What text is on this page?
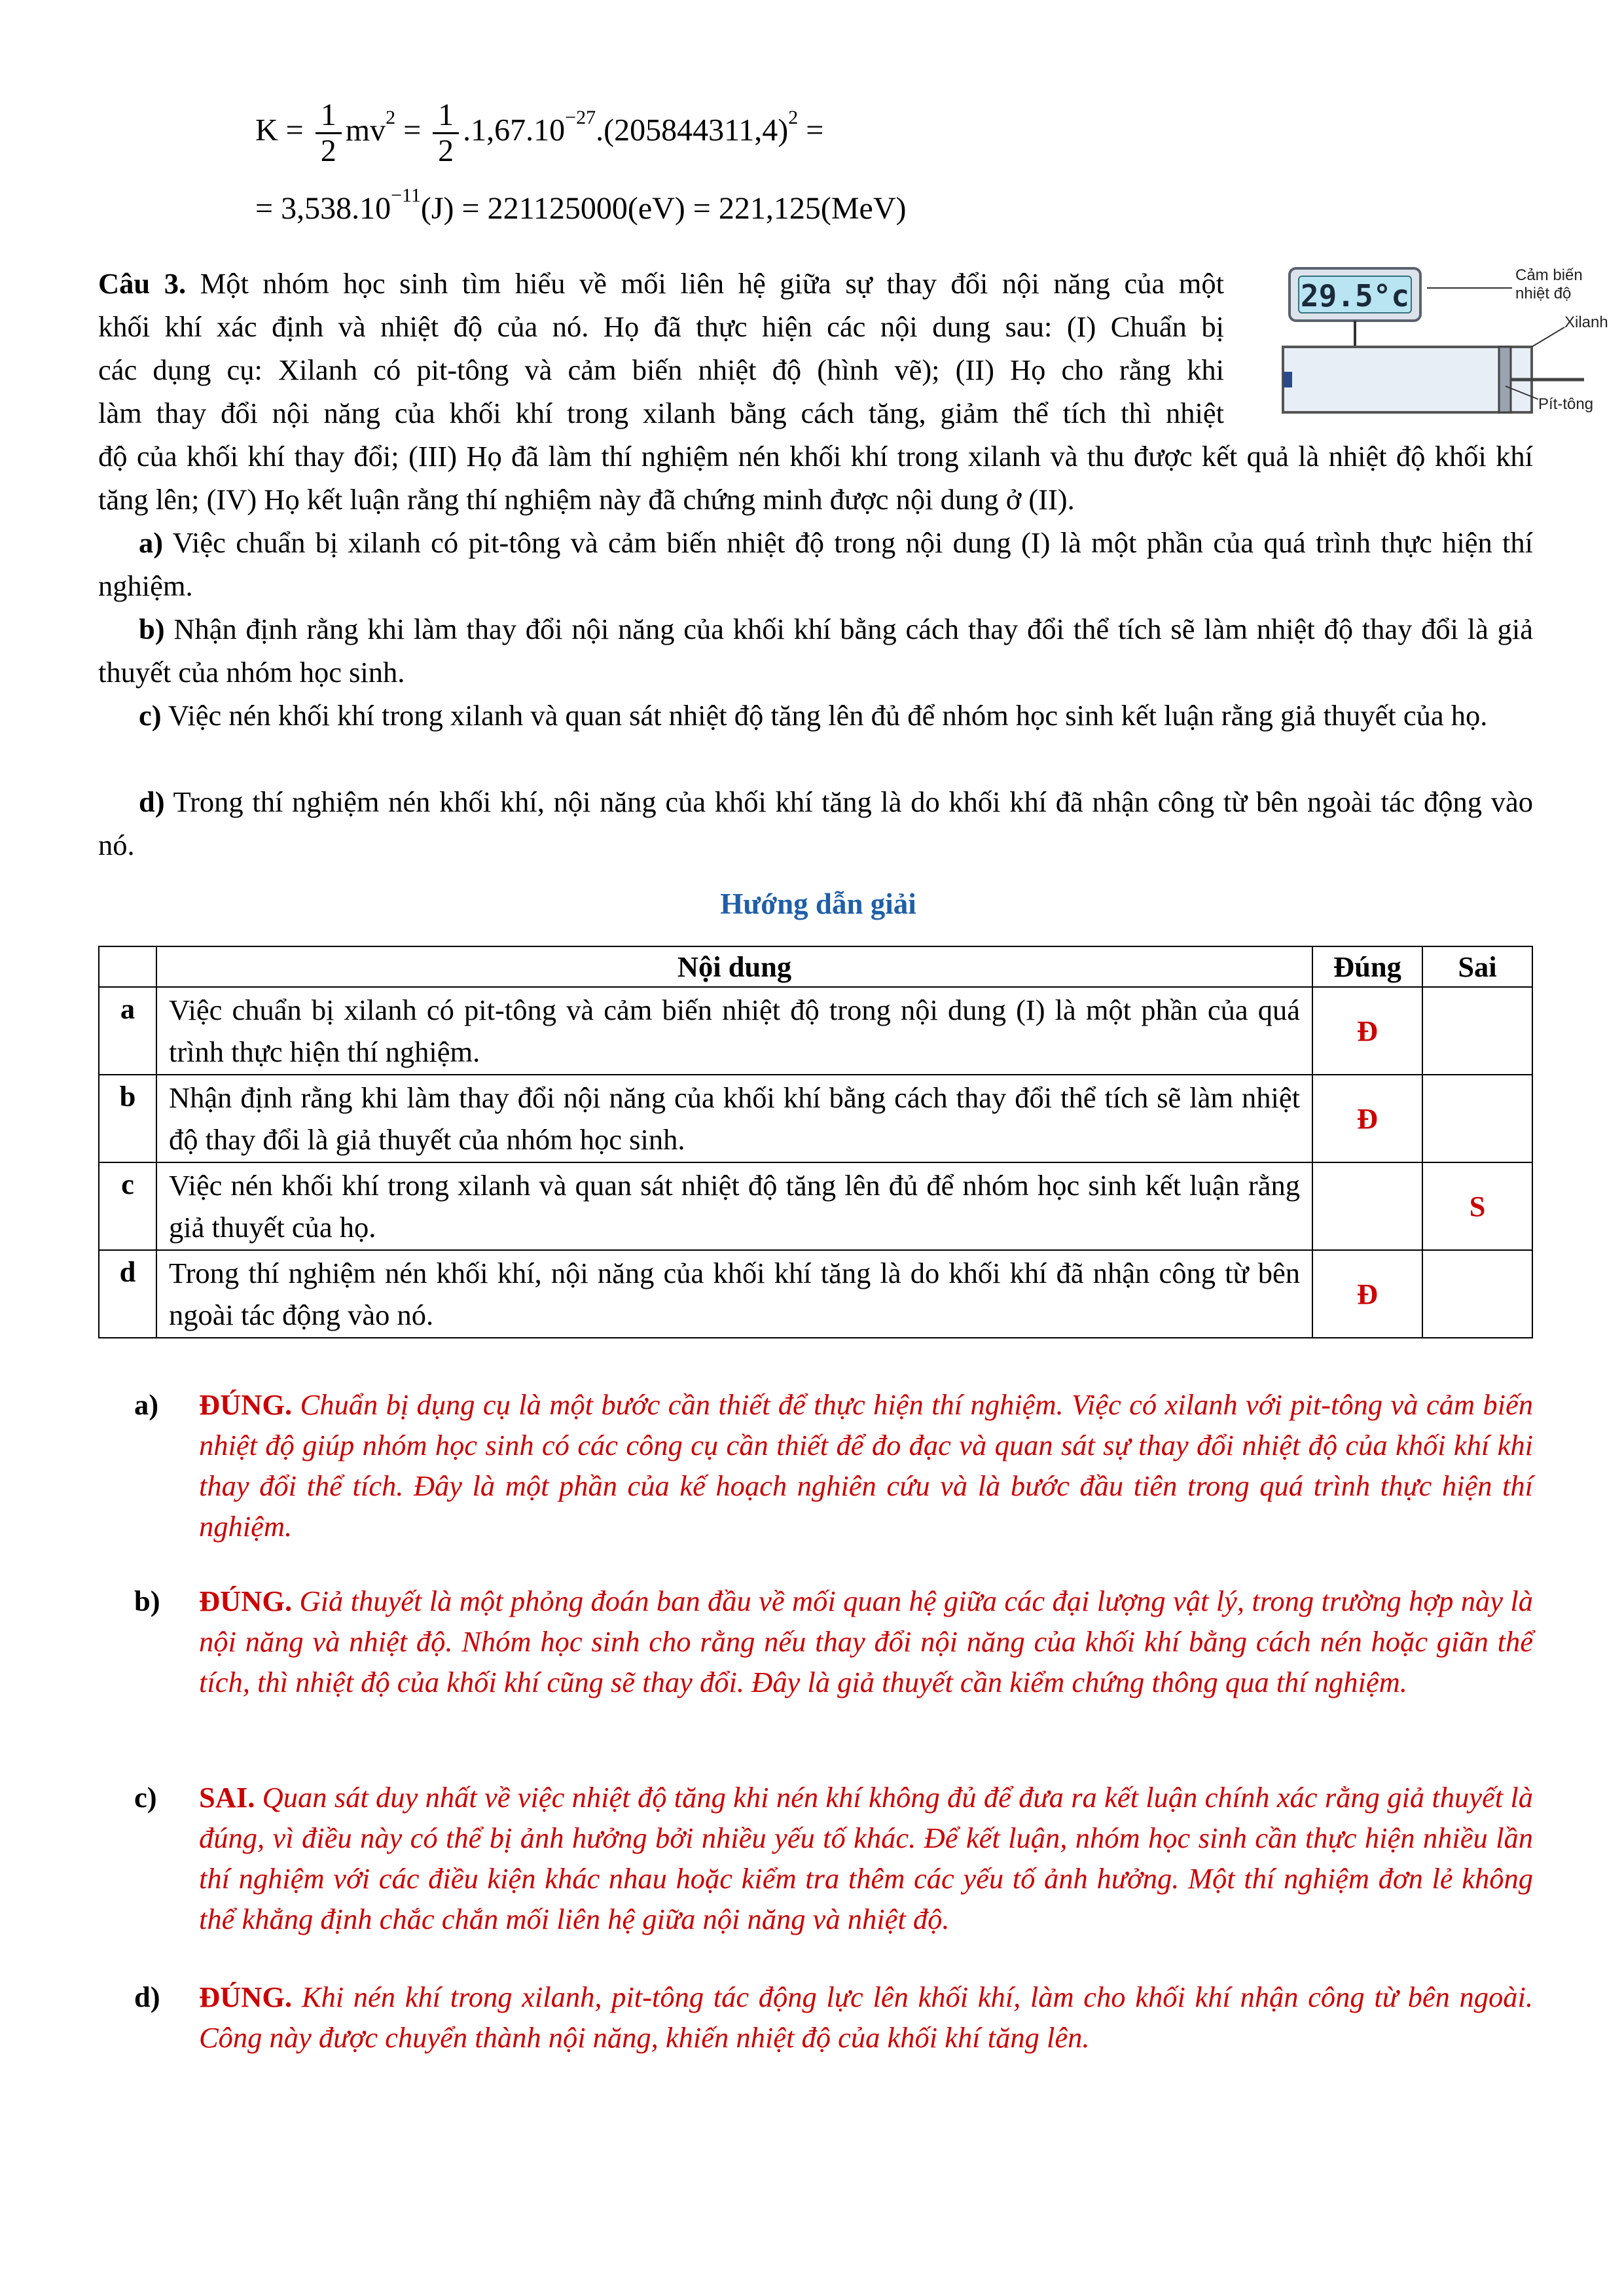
$K = \frac{1}{2} mv^2 = \frac{1}{2} .1,67.10^{-27}.(205844311,4)^2$ =
= $3,538.10^{-11}(J) = 221125000(eV) = 221,125(MeV)$
Câu 3. Một nhóm học sinh tìm hiểu về mối liên hệ giữa sự thay đổi nội năng của một
khối khí xác định và nhiệt độ của nó. Họ đã thực hiện các nội dung sau: (I) Chuẩn bị
các dụng cụ: Xilanh có pit-tông và cảm biến nhiệt độ (hình vẽ); (II) Họ cho rằng khi
làm thay đổi nội năng của khối khí trong xilanh bằng cách tăng, giảm thể tích thì nhiệt
độ của khối khí thay đổi; (III) Họ đã làm thí nghiệm nén khối khí trong xilanh và thu được kết quả là nhiệt độ khối khí tăng lên; (IV) Họ kết luận rằng thí nghiệm này đã chứng minh được nội dung ở (II).
29.5°c
Cảm biến
nhiệt độ
Xilanh
Pít-tông
a) Việc chuẩn bị xilanh có pit-tông và cảm biến nhiệt độ trong nội dung (I) là một phần của quá trình thực hiện thí nghiệm.
b) Nhận định rằng khi làm thay đổi nội năng của khối khí bằng cách thay đổi thể tích sẽ làm nhiệt độ thay đổi là giả thuyết của nhóm học sinh.
c) Việc nén khối khí trong xilanh và quan sát nhiệt độ tăng lên đủ để nhóm học sinh kết luận rằng giả thuyết của họ.
d) Trong thí nghiệm nén khối khí, nội năng của khối khí tăng là do khối khí đã nhận công từ bên ngoài tác động vào nó.
Hướng dẫn giải
	Nội dung	Đúng	Sai
a	Việc chuẩn bị xilanh có pit-tông và cảm biến nhiệt độ trong nội dung (I) là một phần của quá trình thực hiện thí nghiệm.	Đ	
b	Nhận định rằng khi làm thay đổi nội năng của khối khí bằng cách thay đổi thể tích sẽ làm nhiệt độ thay đổi là giả thuyết của nhóm học sinh.	Đ	
c	Việc nén khối khí trong xilanh và quan sát nhiệt độ tăng lên đủ để nhóm học sinh kết luận rằng giả thuyết của họ.		S
d	Trong thí nghiệm nén khối khí, nội năng của khối khí tăng là do khối khí đã nhận công từ bên ngoài tác động vào nó.	Đ	
a) ĐÚNG. Chuẩn bị dụng cụ là một bước cần thiết để thực hiện thí nghiệm. Việc có xilanh với pit-tông và cảm biến nhiệt độ giúp nhóm học sinh có các công cụ cần thiết để đo đạc và quan sát sự thay đổi nhiệt độ của khối khí khi thay đổi thể tích. Đây là một phần của kế hoạch nghiên cứu và là bước đầu tiên trong quá trình thực hiện thí nghiệm.
b) ĐÚNG. Giả thuyết là một phỏng đoán ban đầu về mối quan hệ giữa các đại lượng vật lý, trong trường hợp này là nội năng và nhiệt độ. Nhóm học sinh cho rằng nếu thay đổi nội năng của khối khí bằng cách nén hoặc giãn thể tích, thì nhiệt độ của khối khí cũng sẽ thay đổi. Đây là giả thuyết cần kiểm chứng thông qua thí nghiệm.
c) SAI. Quan sát duy nhất về việc nhiệt độ tăng khi nén khí không đủ để đưa ra kết luận chính xác rằng giả thuyết là đúng, vì điều này có thể bị ảnh hưởng bởi nhiều yếu tố khác. Để kết luận, nhóm học sinh cần thực hiện nhiều lần thí nghiệm với các điều kiện khác nhau hoặc kiểm tra thêm các yếu tố ảnh hưởng. Một thí nghiệm đơn lẻ không thể khẳng định chắc chắn mối liên hệ giữa nội năng và nhiệt độ.
d) ĐÚNG. Khi nén khí trong xilanh, pit-tông tác động lực lên khối khí, làm cho khối khí nhận công từ bên ngoài. Công này được chuyển thành nội năng, khiến nhiệt độ của khối khí tăng lên.
